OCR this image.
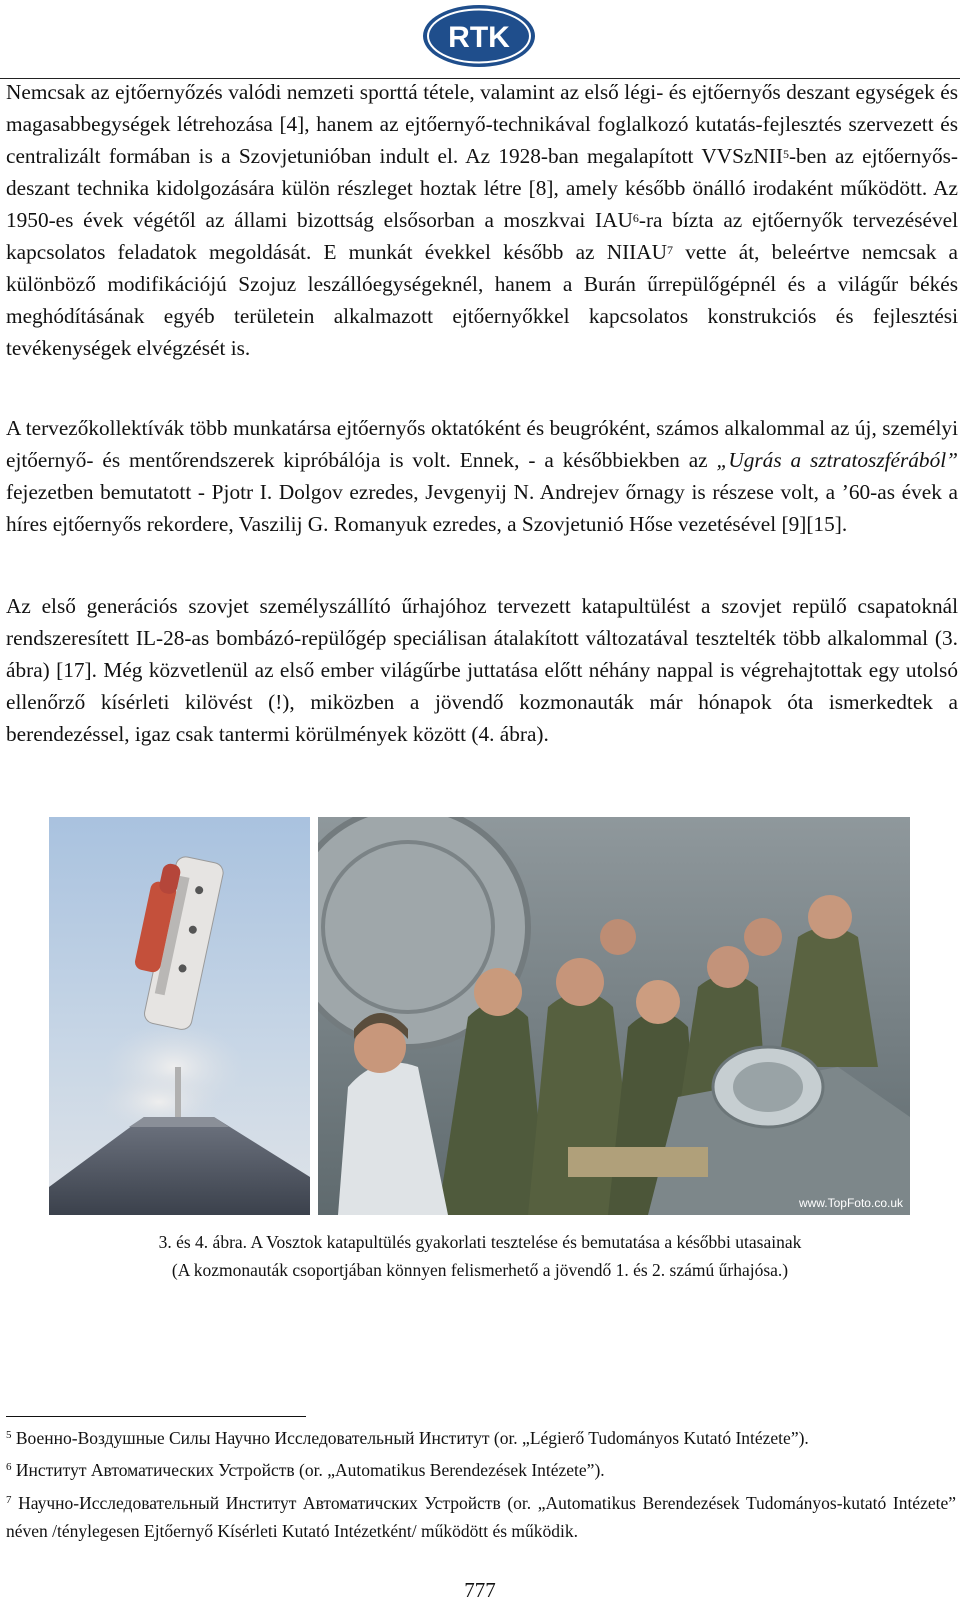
RTK

Nemcsak az ejtőernyőzés valódi nemzeti sporttá tétele, valamint az első légi- és ejtőernyős deszant egységek és magasabbegységek létrehozása [4], hanem az ejtőernyő-technikával foglalkozó kutatás-fejlesztés szervezett és centralizált formában is a Szovjetunióban indult el. Az 1928-ban megalapított VVSzNII$^5$-ben az ejtőernyős-deszant technika kidolgozására külön részleget hoztak létre [8], amely később önálló irodaként működött. Az 1950-es évek végétől az állami bizottság elsősorban a moszkvai IAU$^6$-ra bízta az ejtőernyők tervezésével kapcsolatos feladatok megoldását. E munkát évekkel később az NIIAU$^7$ vette át, beleértve nemcsak a különböző modifikációjú Szojuz leszállóegységeknél, hanem a Burán űrrepülőgépnél és a világűr békés meghódításának egyéb területein alkalmazott ejtőernyőkkel kapcsolatos konstrukciós és fejlesztési tevékenységek elvégzését is.

A tervezőkollektívák több munkatársa ejtőernyős oktatóként és beugróként, számos alkalommal az új, személyi ejtőernyő- és mentőrendszerek kipróbálója is volt. Ennek, - a későbbiekben az „Ugrás a sztratoszférából” fejezetben bemutatott - Pjotr I. Dolgov ezredes, Jevgenyij N. Andrejev őrnagy is részese volt, a ’60-as évek a híres ejtőernyős rekordere, Vaszilij G. Romanyuk ezredes, a Szovjetunió Hőse vezetésével [9][15].

Az első generációs szovjet személyszállító űrhajóhoz tervezett katapultülést a szovjet repülő csapatoknál rendszeresített IL-28-as bombázó-repülőgép speciálisan átalakított változatával tesztelték több alkalommal (3. ábra) [17]. Még közvetlenül az első ember világűrbe juttatása előtt néhány nappal is végrehajtottak egy utolsó ellenőrző kísérleti kilövést (!), miközben a jövendő kozmonauták már hónapok óta ismerkedtek a berendezéssel, igaz csak tantermi körülmények között (4. ábra).

www.TopFoto.co.uk
3. és 4. ábra. A Vosztok katapultülés gyakorlati tesztelése és bemutatása a későbbi utasainak
(A kozmonauták csoportjában könnyen felismerhető a jövendő 1. és 2. számú űrhajósa.)
$^5$ Военно-Воздушные Силы Научно Исследовательный Институт (or. „Légierő Tudományos Kutató Intézete”).
$^6$ Институт Автоматических Устройств (or. „Automatikus Berendezések Intézete”).
$^7$ Научно-Исследовательный Институт Автоматичских Устройств (or. „Automatikus Berendezések Tudományos-kutató Intézete” néven /ténylegesen Ejtőernyő Kísérleti Kutató Intézetként/ működött és működik.
777
